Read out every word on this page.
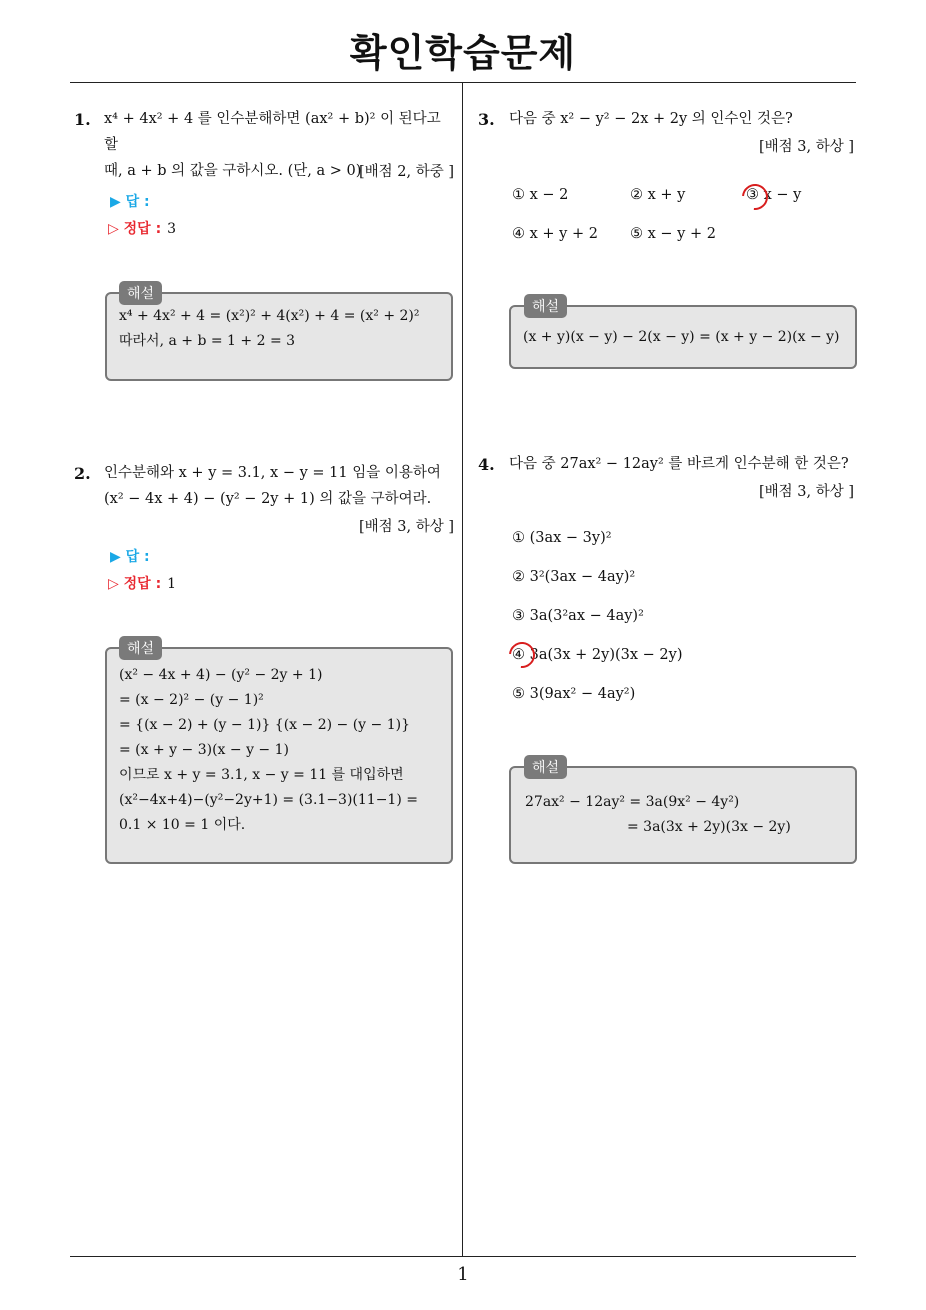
확인학습문제
1
1. x⁴ + 4x² + 4 를 인수분해하면 (ax² + b)² 이 된다고 할
때, a + b 의 값을 구하시오. (단, a > 0)
[배점 2, 하중 ]
▶ 답 :
▷ 정답 : 3
x⁴ + 4x² + 4 = (x²)² + 4(x²) + 4 = (x² + 2)²
따라서, a + b = 1 + 2 = 3
해설
2. 인수분해와 x + y = 3.1, x − y = 11 임을 이용하여
(x² − 4x + 4) − (y² − 2y + 1) 의 값을 구하여라.
[배점 3, 하상 ]
▶ 답 :
▷ 정답 : 1
(x² − 4x + 4) − (y² − 2y + 1)
= (x − 2)² − (y − 1)²
= {(x − 2) + (y − 1)} {(x − 2) − (y − 1)}
= (x + y − 3)(x − y − 1)
이므로 x + y = 3.1, x − y = 11 를 대입하면
(x²−4x+4)−(y²−2y+1) = (3.1−3)(11−1) =
0.1 × 10 = 1 이다.
해설
3. 다음 중 x² − y² − 2x + 2y 의 인수인 것은?
[배점 3, 하상 ]
① x − 2	② x + y	③ x − y
④ x + y + 2 ⑤ x − y + 2
(x + y)(x − y) − 2(x − y) = (x + y − 2)(x − y)
해설
4. 다음 중 27ax² − 12ay² 를 바르게 인수분해 한 것은?
[배점 3, 하상 ]
① (3ax − 3y)²
② 3²(3ax − 4ay)²
③ 3a(3²ax − 4ay)²
④ 3a(3x + 2y)(3x − 2y)
⑤ 3(9ax² − 4ay²)
27ax² − 12ay² = 3a(9x² − 4y²)
= 3a(3x + 2y)(3x − 2y)
해설
